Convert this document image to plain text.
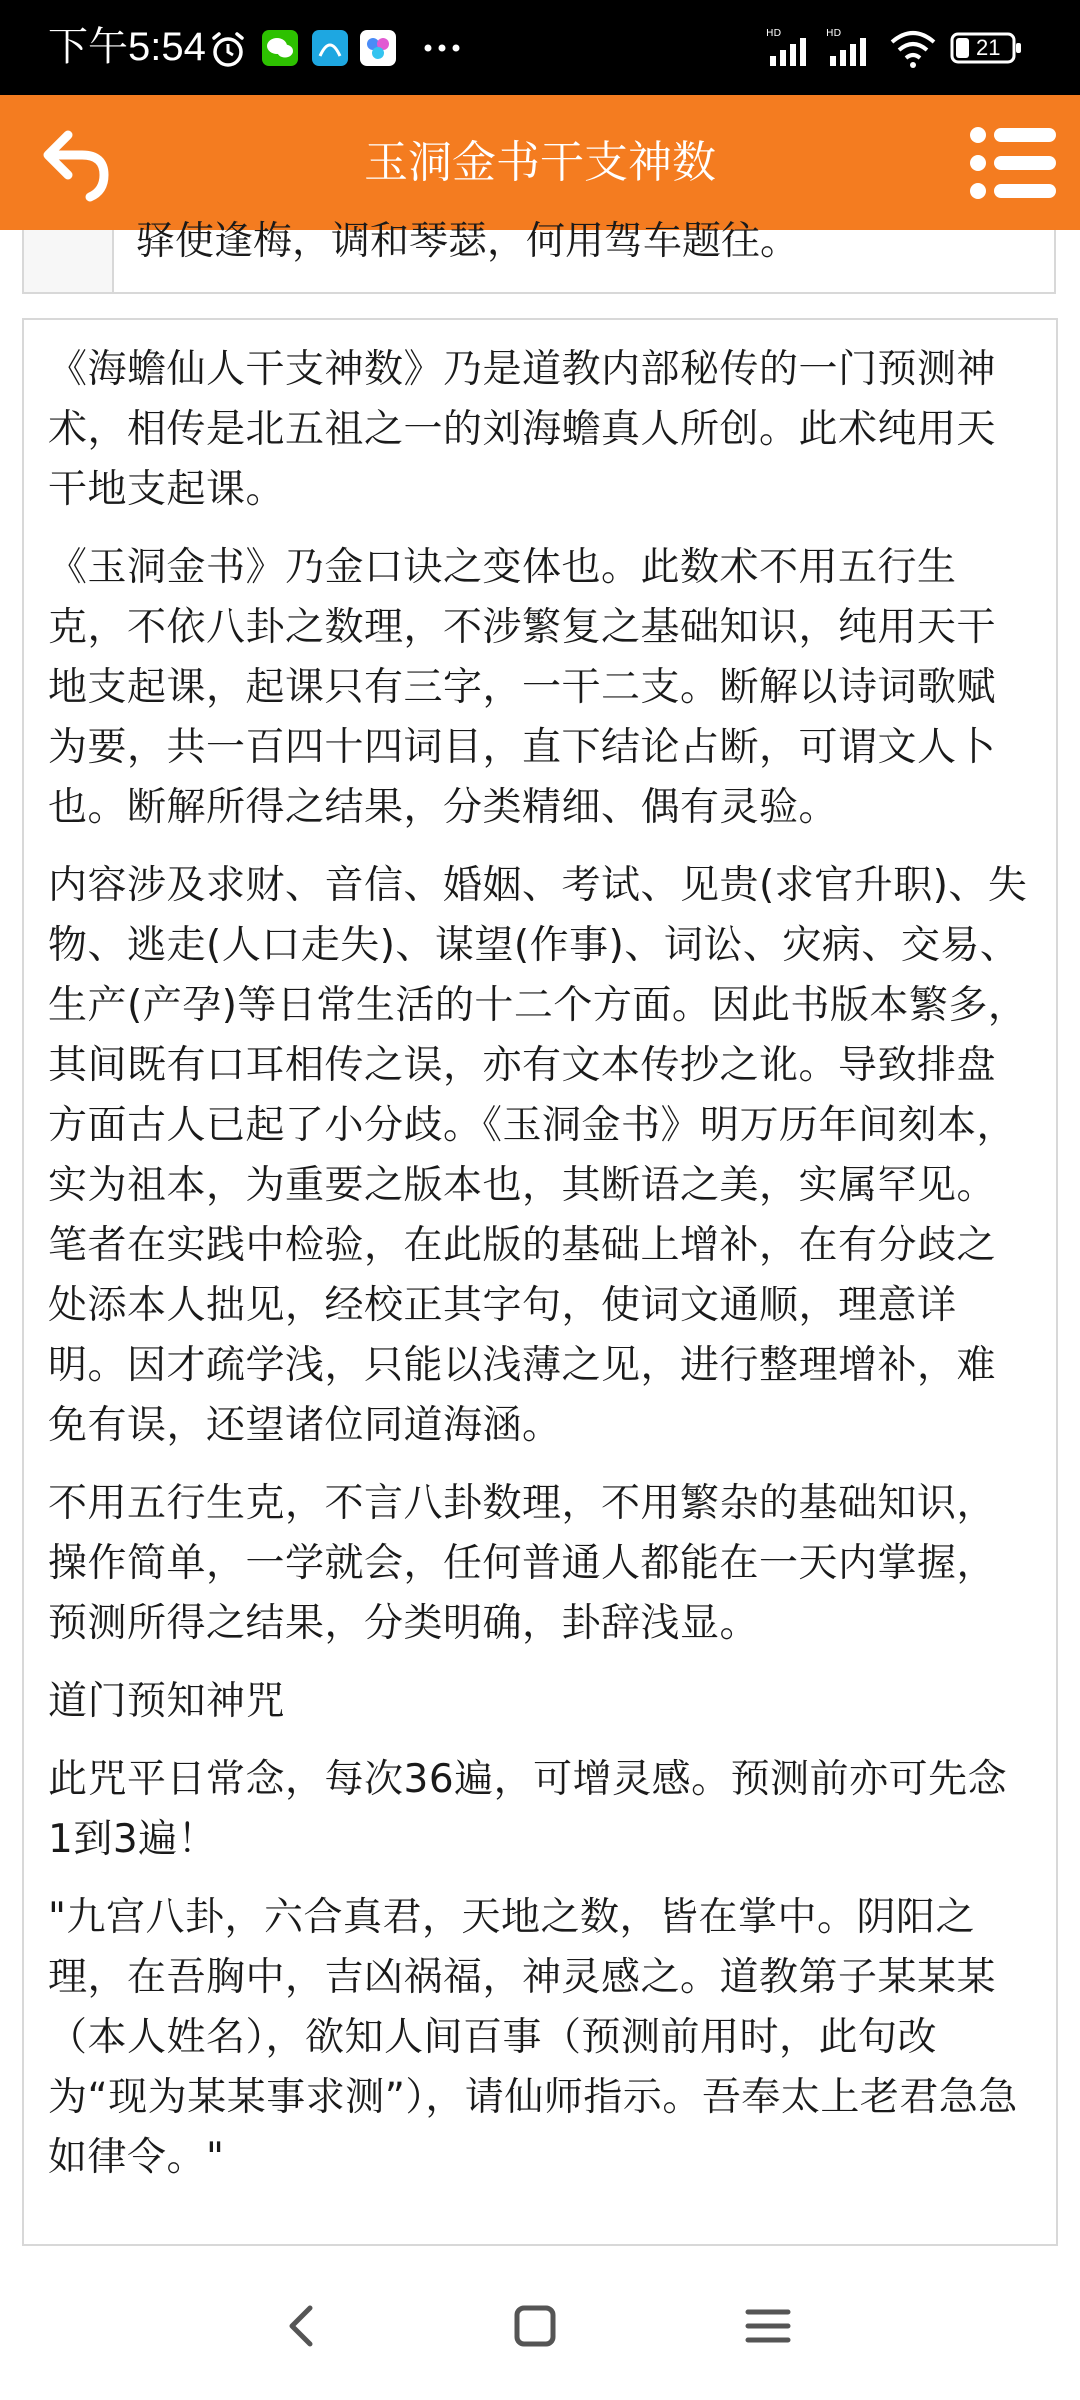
下午5:54	HD	HD
21
玉洞金书干支神数
驿使逢梅，调和琴瑟，何用驾车题往。

《海蟾仙人干支神数》乃是道教内部秘传的一门预测神术，相传是北五祖之一的刘海蟾真人所创。此术纯用天干地支起课。

《玉洞金书》乃金口诀之变体也。此数术不用五行生克，不依八卦之数理，不涉繁复之基础知识，纯用天干地支起课，起课只有三字，一干二支。断解以诗词歌赋为要，共一百四十四词目，直下结论占断，可谓文人卜也。断解所得之结果，分类精细、偶有灵验。

内容涉及求财、音信、婚姻、考试、见贵(求官升职)、失物、逃走(人口走失)、谋望(作事)、词讼、灾病、交易、生产(产孕)等日常生活的十二个方面。因此书版本繁多，其间既有口耳相传之误，亦有文本传抄之讹。导致排盘方面古人已起了小分歧。《玉洞金书》明万历年间刻本，实为祖本，为重要之版本也，其断语之美，实属罕见。笔者在实践中检验，在此版的基础上增补，在有分歧之处添本人拙见，经校正其字句，使词文通顺，理意详明。因才疏学浅，只能以浅薄之见，进行整理增补，难免有误，还望诸位同道海涵。

不用五行生克，不言八卦数理，不用繁杂的基础知识，操作简单，一学就会，任何普通人都能在一天内掌握，预测所得之结果，分类明确，卦辞浅显。

道门预知神咒

此咒平日常念，每次36遍，可增灵感。预测前亦可先念1到3遍！

"九宫八卦，六合真君，天地之数，皆在掌中。阴阳之理，在吾胸中，吉凶祸福，神灵感之。道教第子某某某（本人姓名），欲知人间百事（预测前用时，此句改为“现为某某事求测”），请仙师指示。吾奉太上老君急急如律令。"
